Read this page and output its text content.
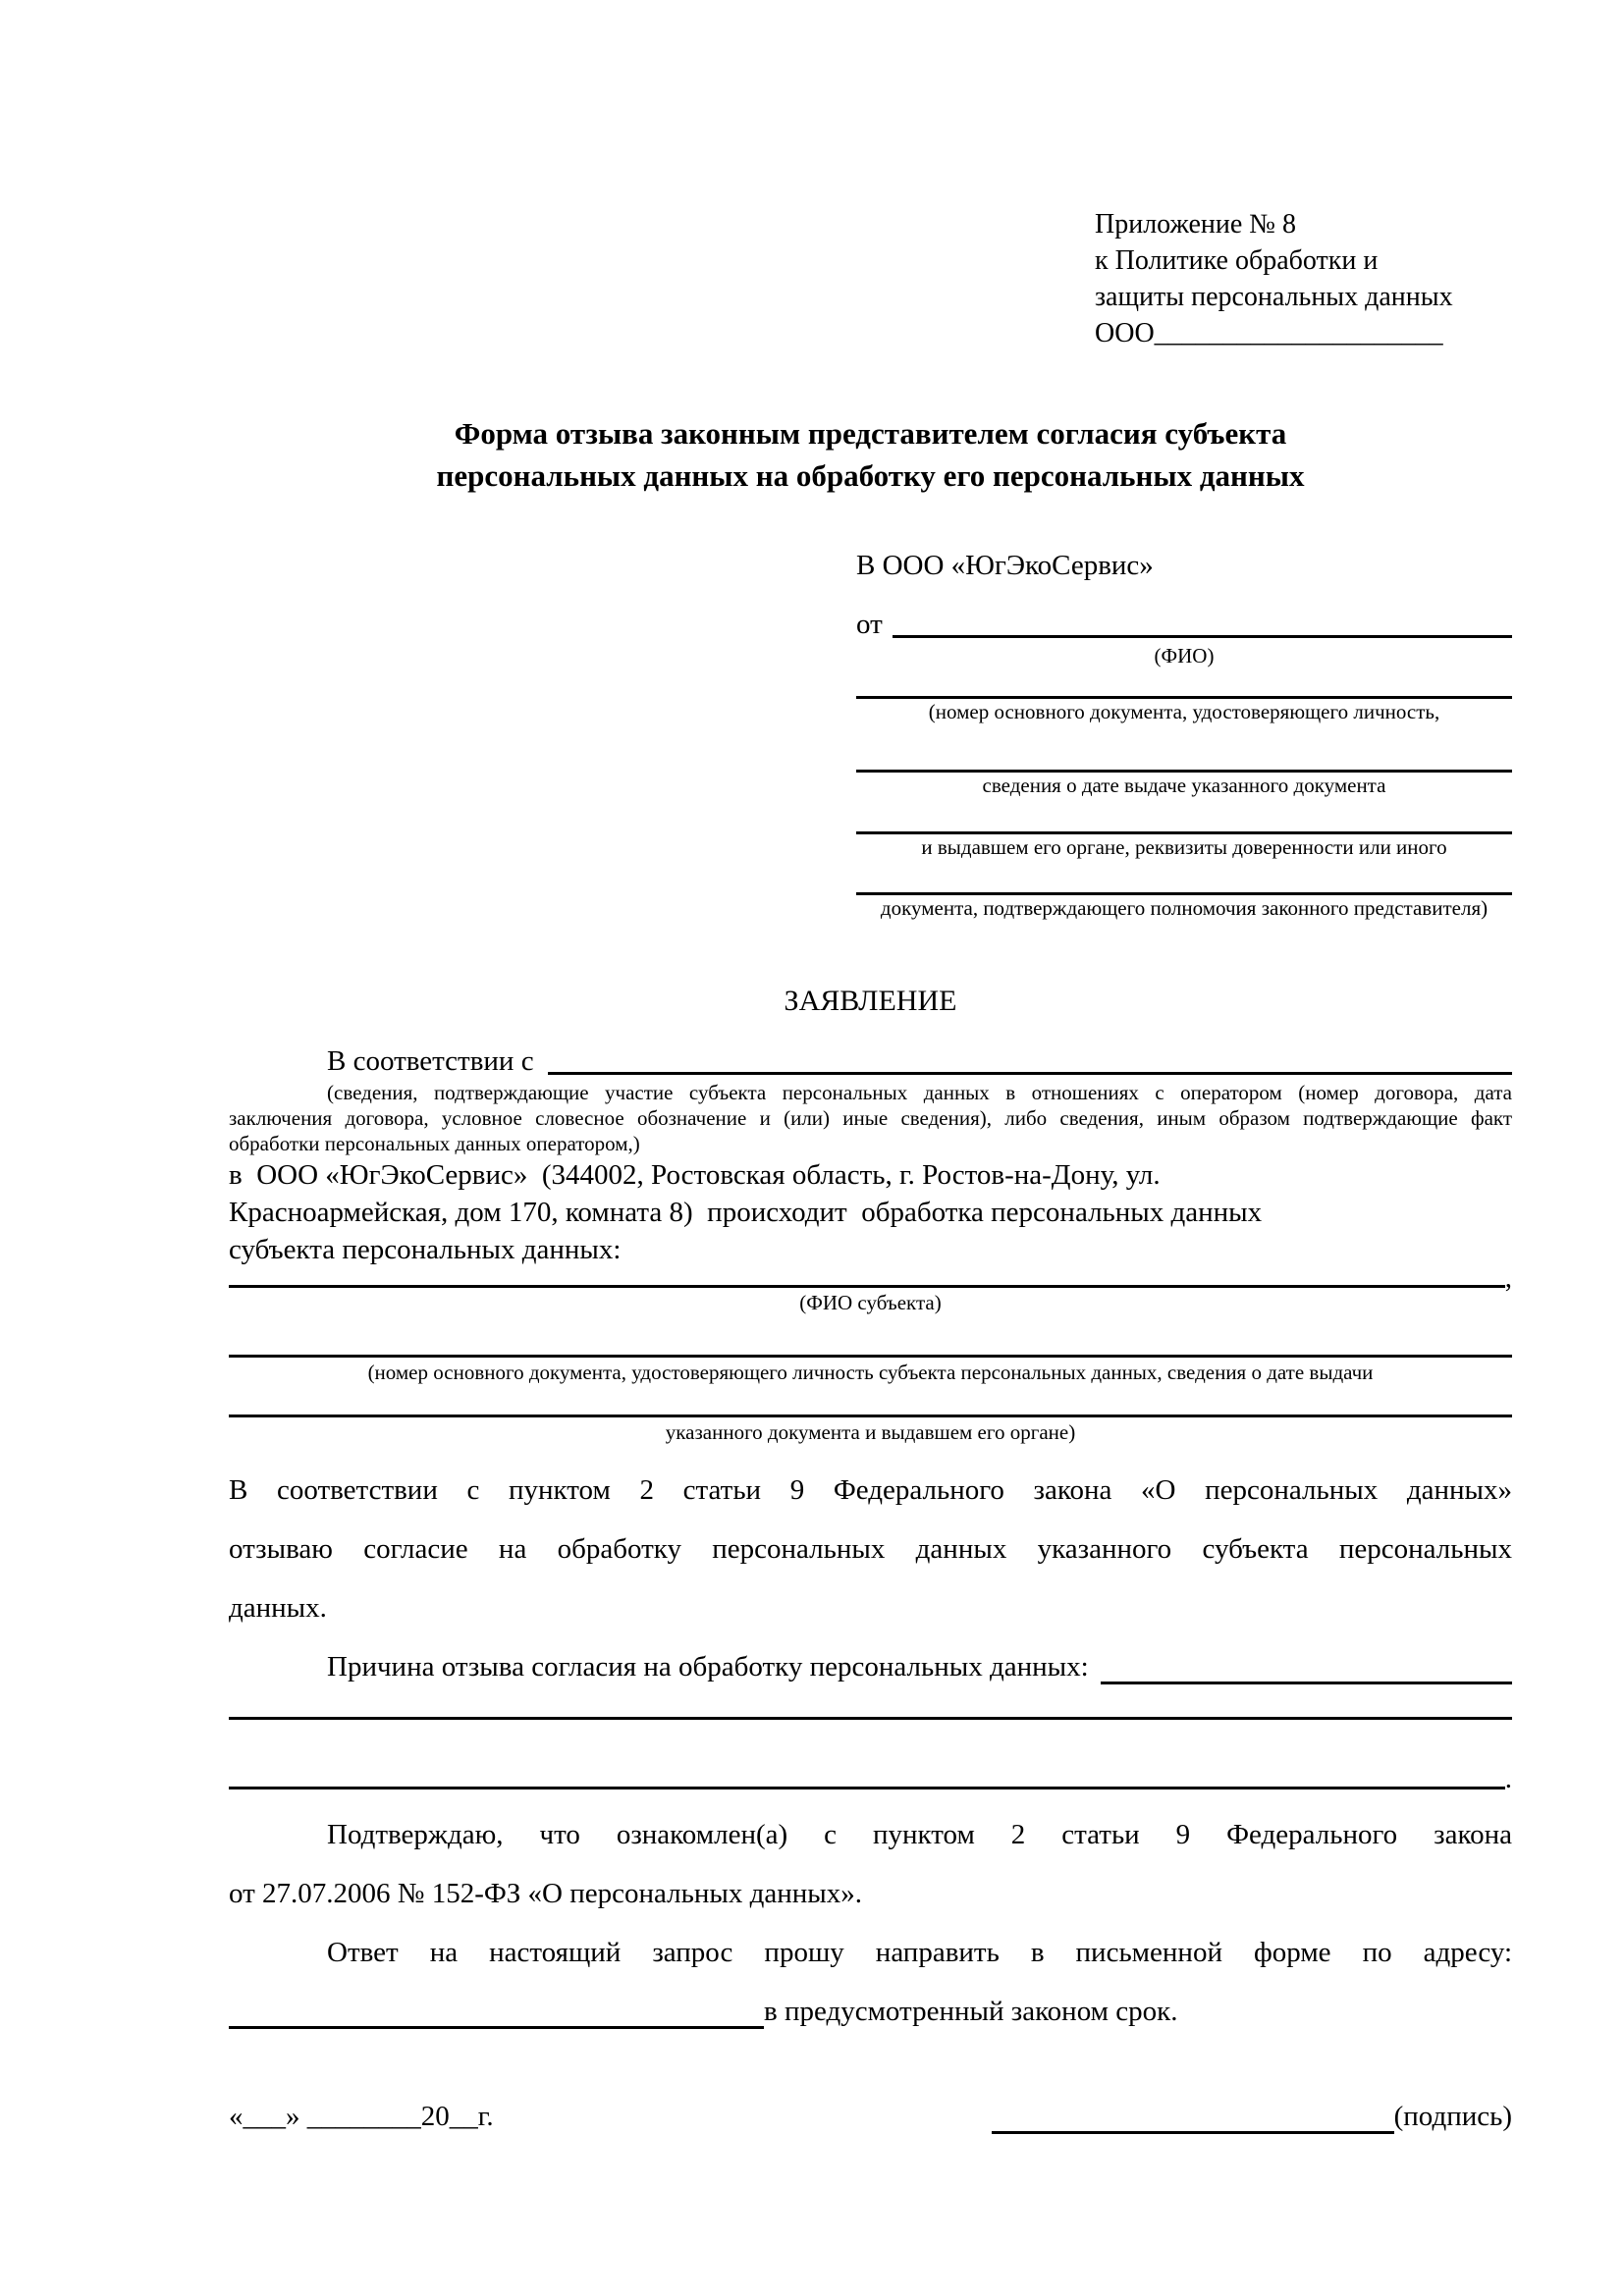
Приложение № 8
к Политике обработки и
защиты персональных данных
ООО_____________________
Форма отзыва законным представителем согласия субъекта
персональных данных на обработку его персональных данных
В ООО «ЮгЭкоСервис»
от
(ФИО)
(номер основного документа, удостоверяющего личность,
сведения о дате выдаче указанного документа
и выдавшем его органе, реквизиты доверенности или иного
документа, подтверждающего полномочия законного представителя)
ЗАЯВЛЕНИЕ
В соответствии с
(сведения, подтверждающие участие субъекта персональных данных в отношениях с оператором (номер договора, дата
заключения договора, условное словесное обозначение и (или) иные сведения), либо сведения, иным образом подтверждающие факт
обработки персональных данных оператором,)
в  ООО «ЮгЭкоСервис»  (344002, Ростовская область, г. Ростов-на-Дону, ул.
Красноармейская, дом 170, комната 8)  происходит  обработка персональных данных
субъекта персональных данных:
,
(ФИО субъекта)
(номер основного документа, удостоверяющего личность субъекта персональных данных, сведения о дате выдачи
указанного документа и выдавшем его органе)
В соответствии с пунктом 2 статьи 9 Федерального закона «О персональных данных»
отзываю согласие на обработку персональных данных указанного субъекта персональных
данных.
Причина отзыва согласия на обработку персональных данных:
.
Подтверждаю, что ознакомлен(а) с пунктом 2 статьи 9 Федерального закона
от 27.07.2006 № 152-ФЗ «О персональных данных».
Ответ на настоящий запрос прошу направить в письменной форме по адресу:
в предусмотренный законом срок.
«___» ________20__г.	(подпись)
